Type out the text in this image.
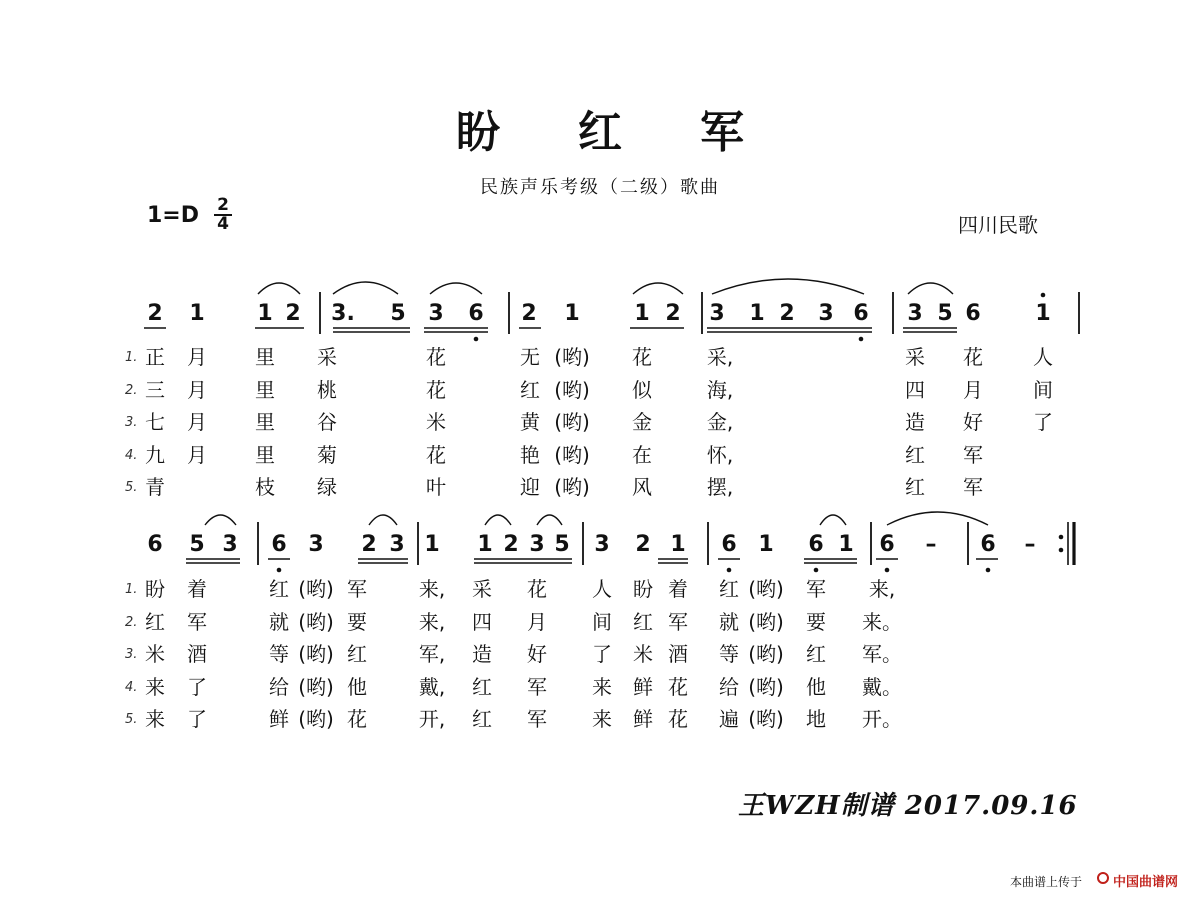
盼红军
民族声乐考级（二级）歌曲
1=D 2
4	四川民歌
2 1 1 2 3. 5 3 6 2 1 1 2 3 1 2 3 6 3 5 6 1
1. 正 月 里 采	花	无 (哟) 花	采,	采 花	人
2. 三 月 里 桃	花	红 (哟) 似	海,	四 月	间
3. 七 月 里 谷	米	黄 (哟) 金	金,	造 好	了
4. 九 月 里 菊	花	艳 (哟) 在	怀,	红 军
5. 青	枝 绿	叶	迎 (哟) 风	摆,	红 军
6 5 3 6 3 2 3 1 1 2 3 5 3 2 1 6 1 6 1 6 – 6 –
1. 盼 着	红 (哟) 军	来, 采 花 人 盼 着 红 (哟) 军 来,
2. 红 军	就 (哟) 要	来, 四 月 间 红 军 就 (哟) 要 来。
3. 米 酒	等 (哟) 红	军, 造 好 了 米 酒 等 (哟) 红 军。
4. 来 了	给 (哟) 他	戴, 红 军 来 鲜 花 给 (哟) 他 戴。
5. 来 了	鲜 (哟) 花	开, 红 军 来 鲜 花 遍 (哟) 地 开。
王WZH制谱 2017.09.16
本曲谱上传于 中国曲谱网
